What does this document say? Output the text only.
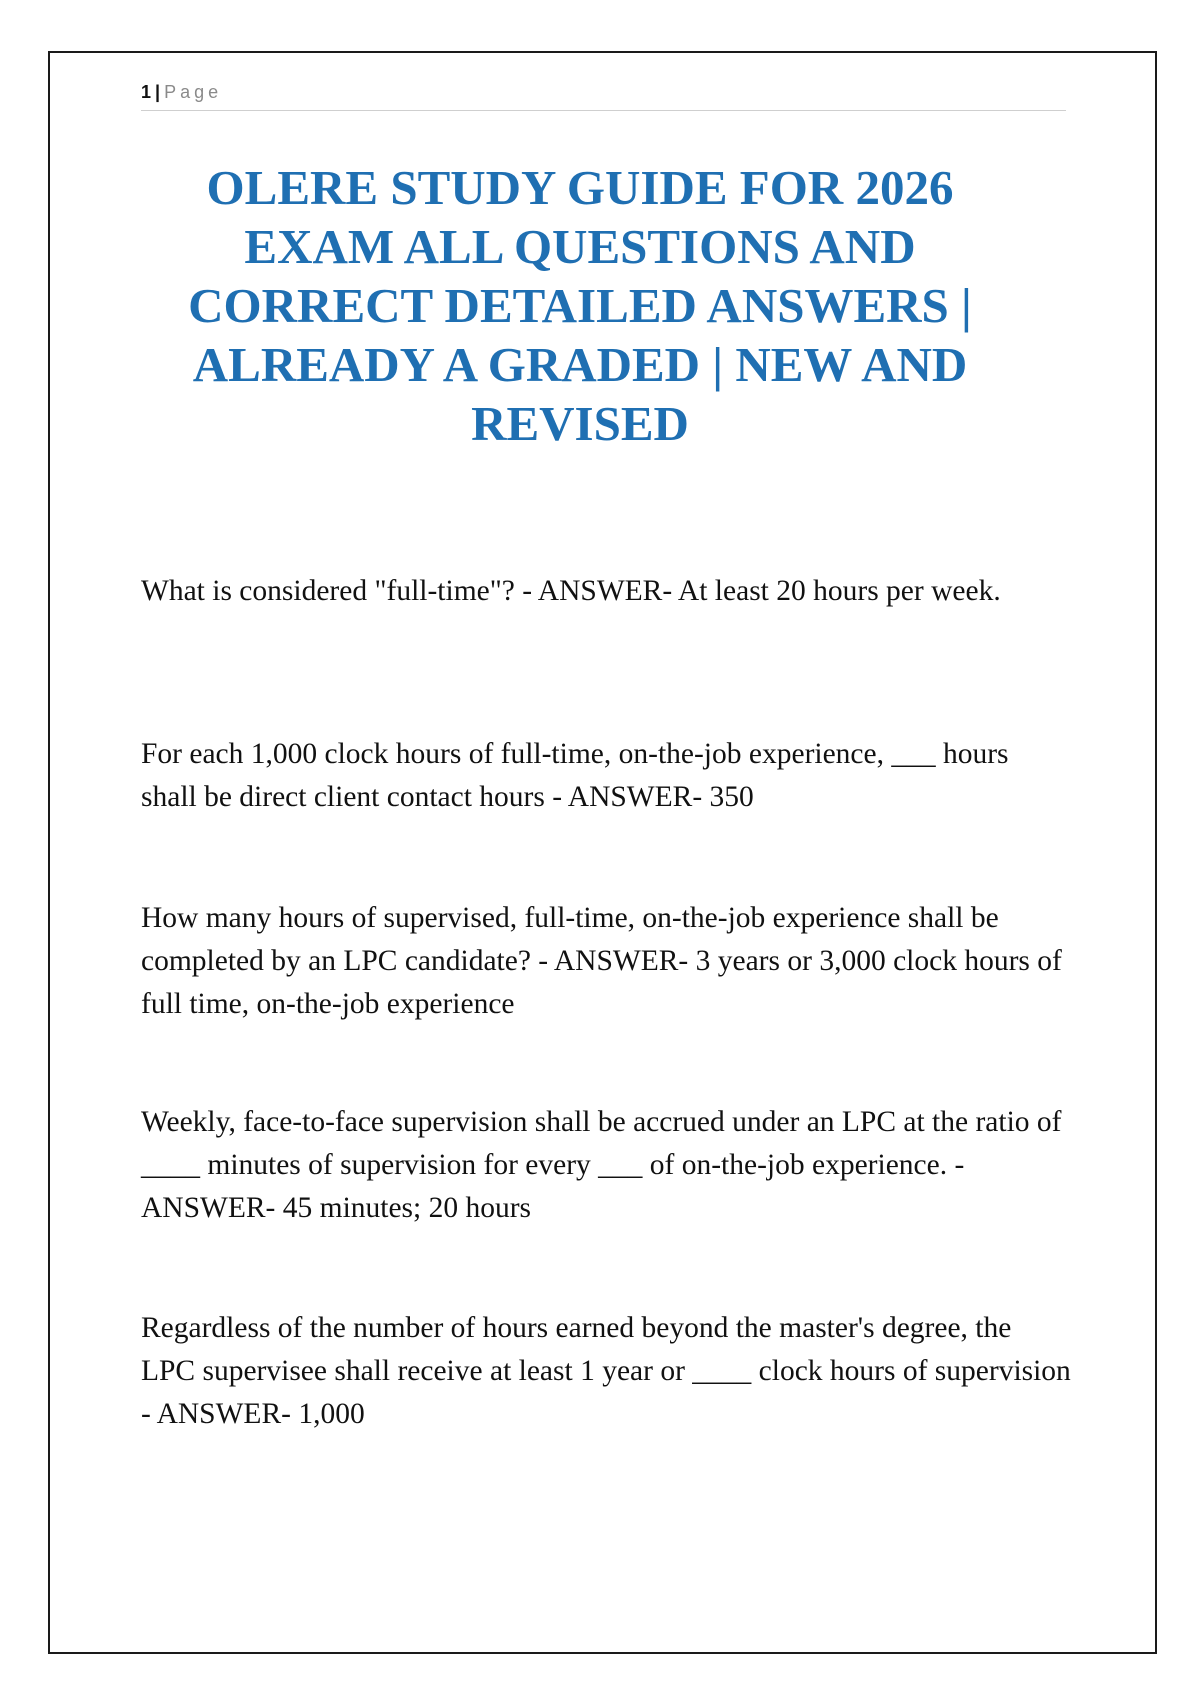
1 | Page
OLERE STUDY GUIDE FOR 2026 EXAM ALL QUESTIONS AND CORRECT DETAILED ANSWERS | ALREADY A GRADED | NEW AND REVISED

What is considered "full-time"? - ANSWER- At least 20 hours per week.

For each 1,000 clock hours of full-time, on-the-job experience, ___ hours shall be direct client contact hours - ANSWER- 350

How many hours of supervised, full-time, on-the-job experience shall be completed by an LPC candidate? - ANSWER- 3 years or 3,000 clock hours of full time, on-the-job experience

Weekly, face-to-face supervision shall be accrued under an LPC at the ratio of ____ minutes of supervision for every ___ of on-the-job experience. - ANSWER- 45 minutes; 20 hours

Regardless of the number of hours earned beyond the master's degree, the LPC supervisee shall receive at least 1 year or ____ clock hours of supervision - ANSWER- 1,000
